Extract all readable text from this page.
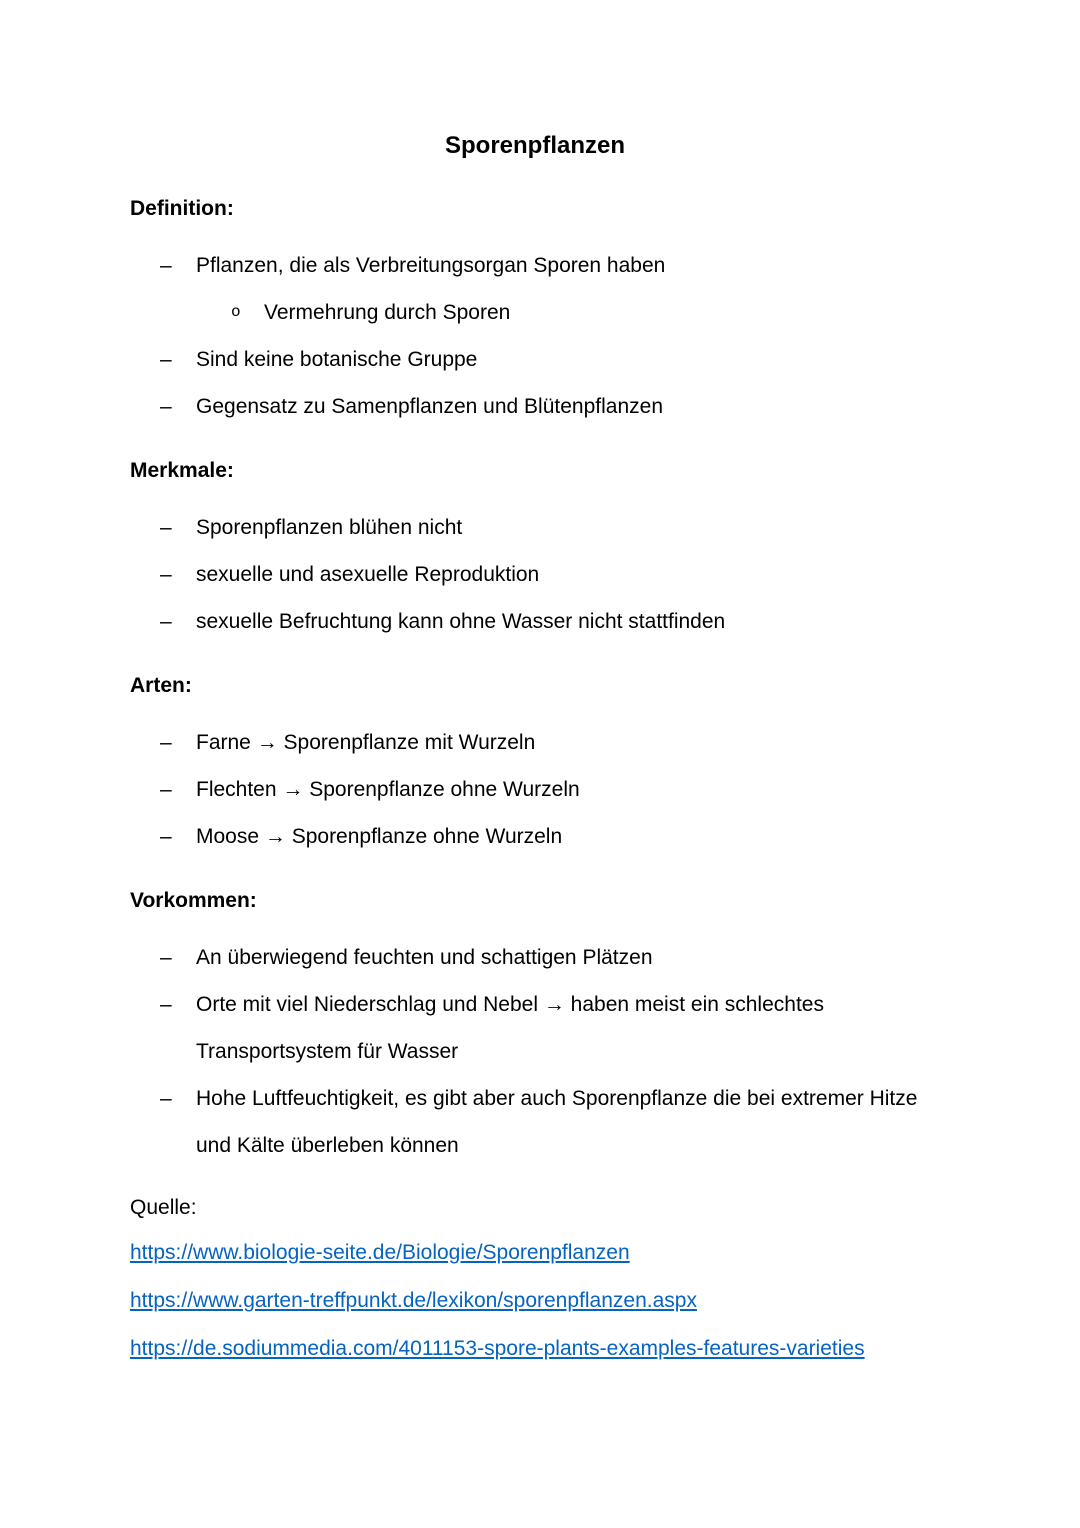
Sporenpflanzen
Definition:
– Pflanzen, die als Verbreitungsorgan Sporen haben
o Vermehrung durch Sporen
– Sind keine botanische Gruppe
– Gegensatz zu Samenpflanzen und Blütenpflanzen
Merkmale:
– Sporenpflanzen blühen nicht
– sexuelle und asexuelle Reproduktion
– sexuelle Befruchtung kann ohne Wasser nicht stattfinden
Arten:
– Farne → Sporenpflanze mit Wurzeln
– Flechten → Sporenpflanze ohne Wurzeln
– Moose → Sporenpflanze ohne Wurzeln
Vorkommen:
– An überwiegend feuchten und schattigen Plätzen
– Orte mit viel Niederschlag und Nebel → haben meist ein schlechtes Transportsystem für Wasser
– Hohe Luftfeuchtigkeit, es gibt aber auch Sporenpflanze die bei extremer Hitze und Kälte überleben können

Quelle:

https://www.biologie-seite.de/Biologie/Sporenpflanzen
https://www.garten-treffpunkt.de/lexikon/sporenpflanzen.aspx
https://de.sodiummedia.com/4011153-spore-plants-examples-features-varieties
